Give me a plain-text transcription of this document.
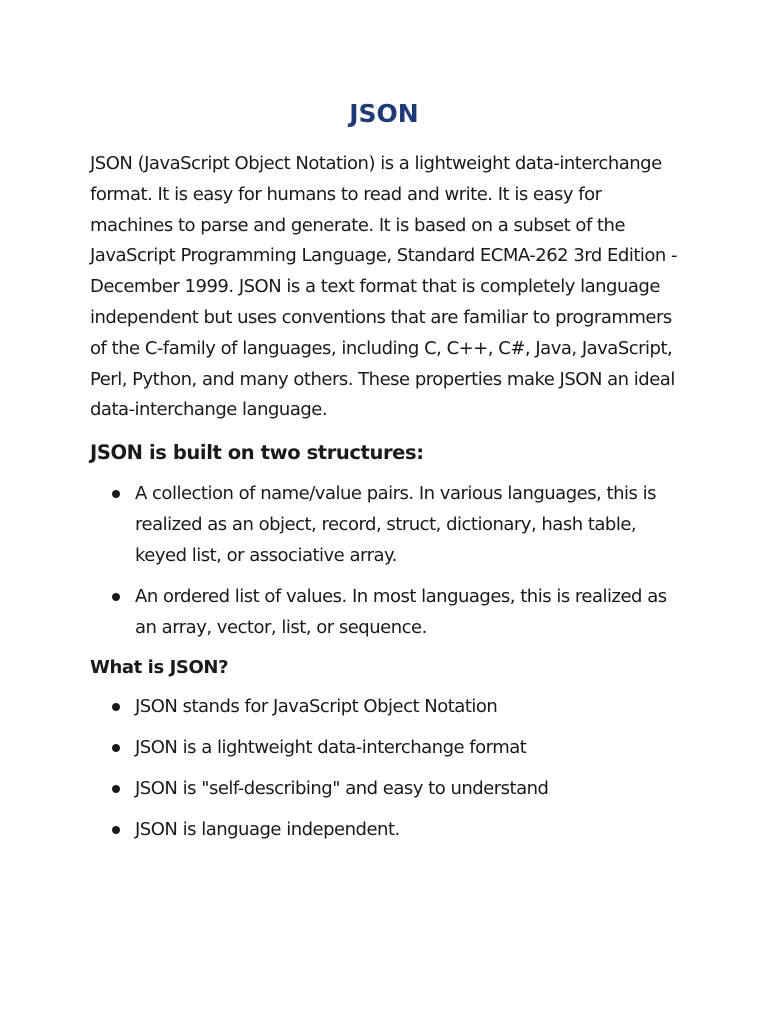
JSON

JSON (JavaScript Object Notation) is a lightweight data-interchange format. It is easy for humans to read and write. It is easy for machines to parse and generate. It is based on a subset of the JavaScript Programming Language, Standard ECMA-262 3rd Edition - December 1999. JSON is a text format that is completely language independent but uses conventions that are familiar to programmers of the C-family of languages, including C, C++, C#, Java, JavaScript, Perl, Python, and many others. These properties make JSON an ideal data-interchange language.

JSON is built on two structures:
A collection of name/value pairs. In various languages, this is realized as an object, record, struct, dictionary, hash table, keyed list, or associative array.
An ordered list of values. In most languages, this is realized as an array, vector, list, or sequence.
What is JSON?
JSON stands for JavaScript Object Notation
JSON is a lightweight data-interchange format
JSON is "self-describing" and easy to understand
JSON is language independent.
